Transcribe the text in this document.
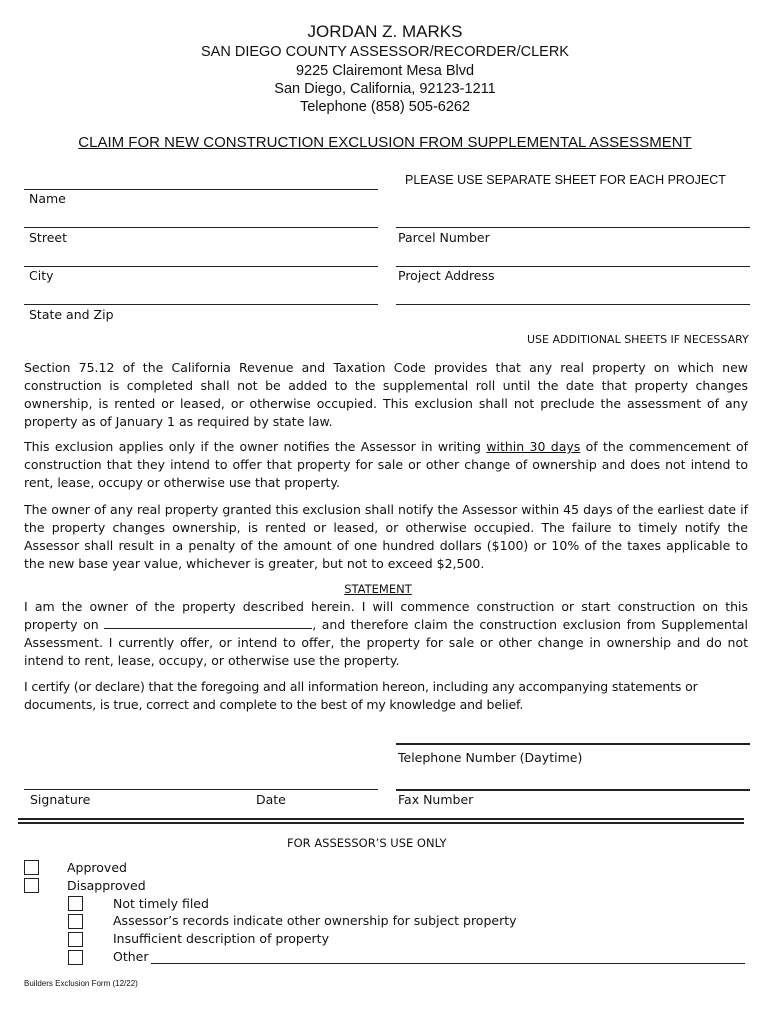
JORDAN Z. MARKS
SAN DIEGO COUNTY ASSESSOR/RECORDER/CLERK
9225 Clairemont Mesa Blvd
San Diego, California, 92123-1211
Telephone (858) 505-6262
CLAIM FOR NEW CONSTRUCTION EXCLUSION FROM SUPPLEMENTAL ASSESSMENT
PLEASE USE SEPARATE SHEET FOR EACH PROJECT
Name
Street
City
State and Zip
Parcel Number
Project Address
USE ADDITIONAL SHEETS IF NECESSARY
Section 75.12 of the California Revenue and Taxation Code provides that any real property on which new construction is completed shall not be added to the supplemental roll until the date that property changes ownership, is rented or leased, or otherwise occupied. This exclusion shall not preclude the assessment of any property as of January 1 as required by state law.
This exclusion applies only if the owner notifies the Assessor in writing within 30 days of the commencement of construction that they intend to offer that property for sale or other change of ownership and does not intend to rent, lease, occupy or otherwise use that property.
The owner of any real property granted this exclusion shall notify the Assessor within 45 days of the earliest date if the property changes ownership, is rented or leased, or otherwise occupied. The failure to timely notify the Assessor shall result in a penalty of the amount of one hundred dollars ($100) or 10% of the taxes applicable to the new base year value, whichever is greater, but not to exceed $2,500.
STATEMENT
I am the owner of the property described herein. I will commence construction or start construction on this property on	, and therefore claim the construction exclusion from Supplemental Assessment. I currently offer, or intend to offer, the property for sale or other change in ownership and do not intend to rent, lease, occupy, or otherwise use the property.
I certify (or declare) that the foregoing and all information hereon, including any accompanying statements or documents, is true, correct and complete to the best of my knowledge and belief.
Telephone Number (Daytime)
Signature	Date	Fax Number
FOR ASSESSOR’S USE ONLY
Approved
Disapproved
Not timely filed
Assessor’s records indicate other ownership for subject property
Insufficient description of property
Other
Builders Exclusion Form (12/22)
